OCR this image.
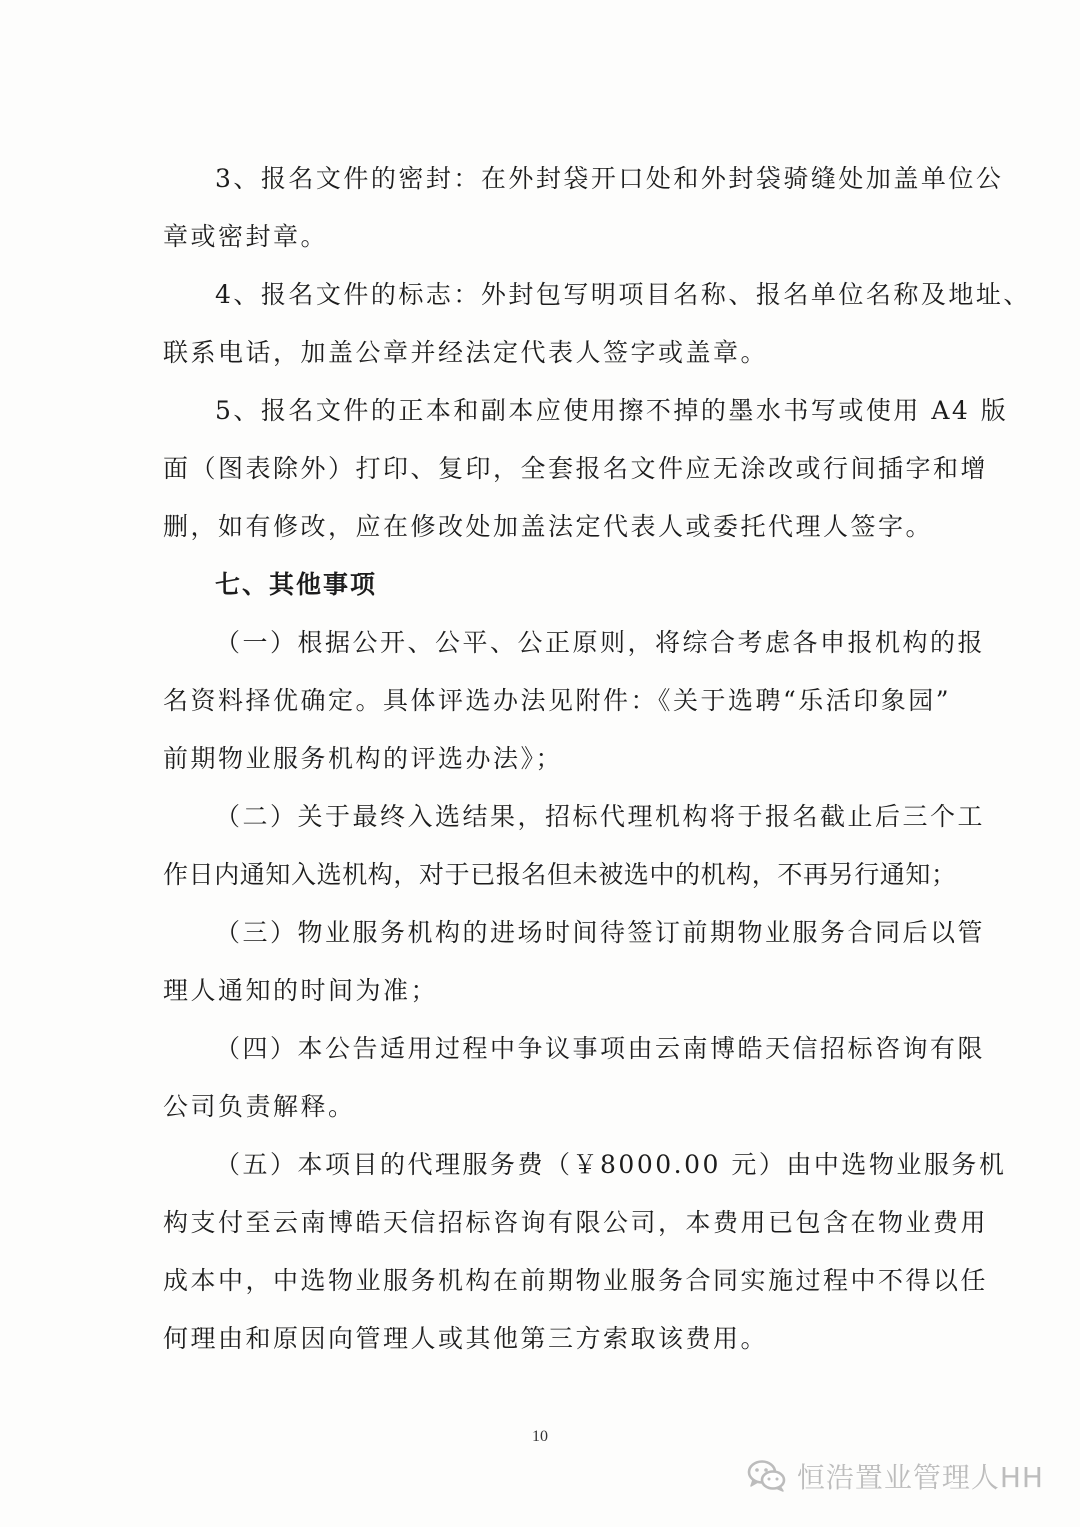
3、报名文件的密封：在外封袋开口处和外封袋骑缝处加盖单位公
章或密封章。
4、报名文件的标志：外封包写明项目名称、报名单位名称及地址、
联系电话，加盖公章并经法定代表人签字或盖章。
5、报名文件的正本和副本应使用擦不掉的墨水书写或使用 A4 版
面（图表除外）打印、复印，全套报名文件应无涂改或行间插字和增
删，如有修改，应在修改处加盖法定代表人或委托代理人签字。
七、其他事项
（一）根据公开、公平、公正原则，将综合考虑各申报机构的报
名资料择优确定。具体评选办法见附件：《关于选聘“乐活印象园”
前期物业服务机构的评选办法》；
（二）关于最终入选结果，招标代理机构将于报名截止后三个工
作日内通知入选机构，对于已报名但未被选中的机构，不再另行通知；
（三）物业服务机构的进场时间待签订前期物业服务合同后以管
理人通知的时间为准；
（四）本公告适用过程中争议事项由云南博皓天信招标咨询有限
公司负责解释。
（五）本项目的代理服务费（￥8000.00 元）由中选物业服务机
构支付至云南博皓天信招标咨询有限公司，本费用已包含在物业费用
成本中，中选物业服务机构在前期物业服务合同实施过程中不得以任
何理由和原因向管理人或其他第三方索取该费用。
10
恒浩置业管理人HH
